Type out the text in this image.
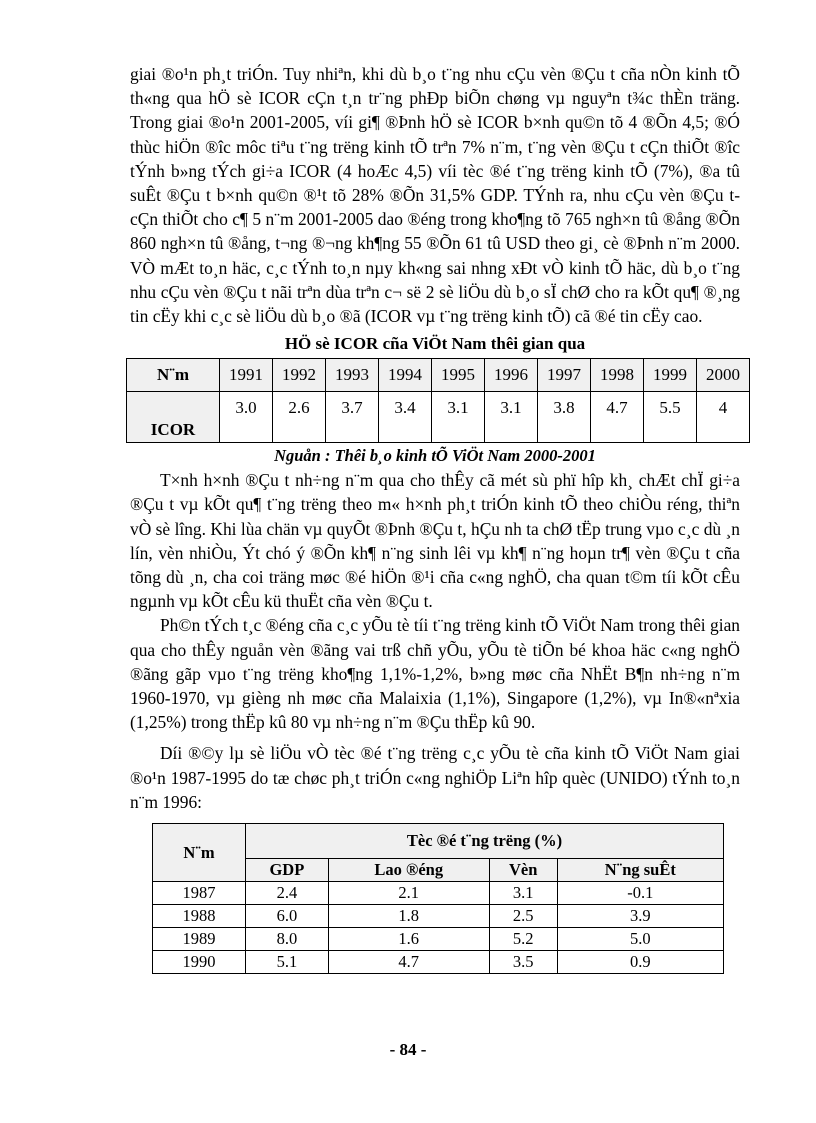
giai ®o¹n ph¸t triÓn. Tuy nhiªn, khi dù b¸o t¨ng nhu cÇu vèn ®Çu t cña nÒn kinh tÕ th«ng qua hÖ sè ICOR cÇn t¸n tr¨ng phÐp biÕn chøng vµ nguyªn t¾c thÈn träng. Trong giai ®o¹n 2001-2005, víi gi¶ ®Þnh hÖ sè ICOR b×nh qu©n tõ 4 ®Õn 4,5; ®Ó thùc hiÖn ®îc môc tiªu t¨ng trëng kinh tÕ trªn 7% n¨m, t¨ng vèn ®Çu t cÇn thiÕt ®îc tÝnh b»ng tÝch gi÷a ICOR (4 hoÆc 4,5) víi tèc ®é t¨ng trëng kinh tÕ (7%), ®a tû suÊt ®Çu t b×nh qu©n ®¹t tõ 28% ®Õn 31,5% GDP. TÝnh ra, nhu cÇu vèn ®Çu t cÇn thiÕt cho c¶ 5 n¨m 2001-2005 dao ®éng trong kho¶ng tõ 765 ngh×n tû ®ång ®Õn 860 ngh×n tû ®ång, t¬ng ®¬ng kh¶ng 55 ®Õn 61 tû USD theo gi¸ cè ®Þnh n¨m 2000. VÒ mÆt to¸n häc, c¸c tÝnh to¸n nµy kh«ng sai nhng xÐt vÒ kinh tÕ häc, dù b¸o t¨ng nhu cÇu vèn ®Çu t nãi trªn dùa trªn c¬ së 2 sè liÖu dù b¸o sÏ chØ cho ra kÕt qu¶ ®¸ng tin cËy khi c¸c sè liÖu dù b¸o ®ã (ICOR vµ t¨ng trëng kinh tÕ) cã ®é tin cËy cao.

HÖ sè ICOR cña ViÖt Nam thêi gian qua
N¨m	1991	1992	1993	1994	1995	1996	1997	1998	1999	2000
ICOR	3.0	2.6	3.7	3.4	3.1	3.1	3.8	4.7	5.5	4
Nguån : Thêi b¸o kinh tÕ ViÖt Nam 2000-2001

T×nh h×nh ®Çu t nh÷ng n¨m qua cho thÊy cã mét sù phï hîp kh¸ chÆt chÏ gi÷a ®Çu t vµ kÕt qu¶ t¨ng trëng theo m« h×nh ph¸t triÓn kinh tÕ theo chiÒu réng, thiªn vÒ sè lîng. Khi lùa chän vµ quyÕt ®Þnh ®Çu t, hÇu nh ta chØ tËp trung vµo c¸c dù ¸n lín, vèn nhiÒu, Ýt chó ý ®Õn kh¶ n¨ng sinh lêi vµ kh¶ n¨ng hoµn tr¶ vèn ®Çu t cña tõng dù ¸n, cha coi träng møc ®é hiÖn ®¹i cña c«ng nghÖ, cha quan t©m tíi kÕt cÊu ngµnh vµ kÕt cÊu kü thuËt cña vèn ®Çu t.

Ph©n tÝch t¸c ®éng cña c¸c yÕu tè tíi t¨ng trëng kinh tÕ ViÖt Nam trong thêi gian qua cho thÊy nguån vèn ®ãng vai trß chñ yÕu, yÕu tè tiÕn bé khoa häc c«ng nghÖ ®ãng gãp vµo t¨ng trëng kho¶ng 1,1%-1,2%, b»ng møc cña NhËt B¶n nh÷ng n¨m 1960-1970, vµ gièng nh møc cña Malaixia (1,1%), Singapore (1,2%), vµ In®«nªxia (1,25%) trong thËp kû 80 vµ nh÷ng n¨m ®Çu thËp kû 90.

Díi ®©y lµ sè liÖu vÒ tèc ®é t¨ng trëng c¸c yÕu tè cña kinh tÕ ViÖt Nam giai ®o¹n 1987-1995 do tæ chøc ph¸t triÓn c«ng nghiÖp Liªn hîp quèc (UNIDO) tÝnh to¸n n¨m 1996:

N¨m	Tèc ®é t¨ng trëng (%)			
	GDP	Lao ®éng	Vèn	N¨ng suÊt
1987	2.4	2.1	3.1	-0.1
1988	6.0	1.8	2.5	3.9
1989	8.0	1.6	5.2	5.0
1990	5.1	4.7	3.5	0.9
- 84 -
